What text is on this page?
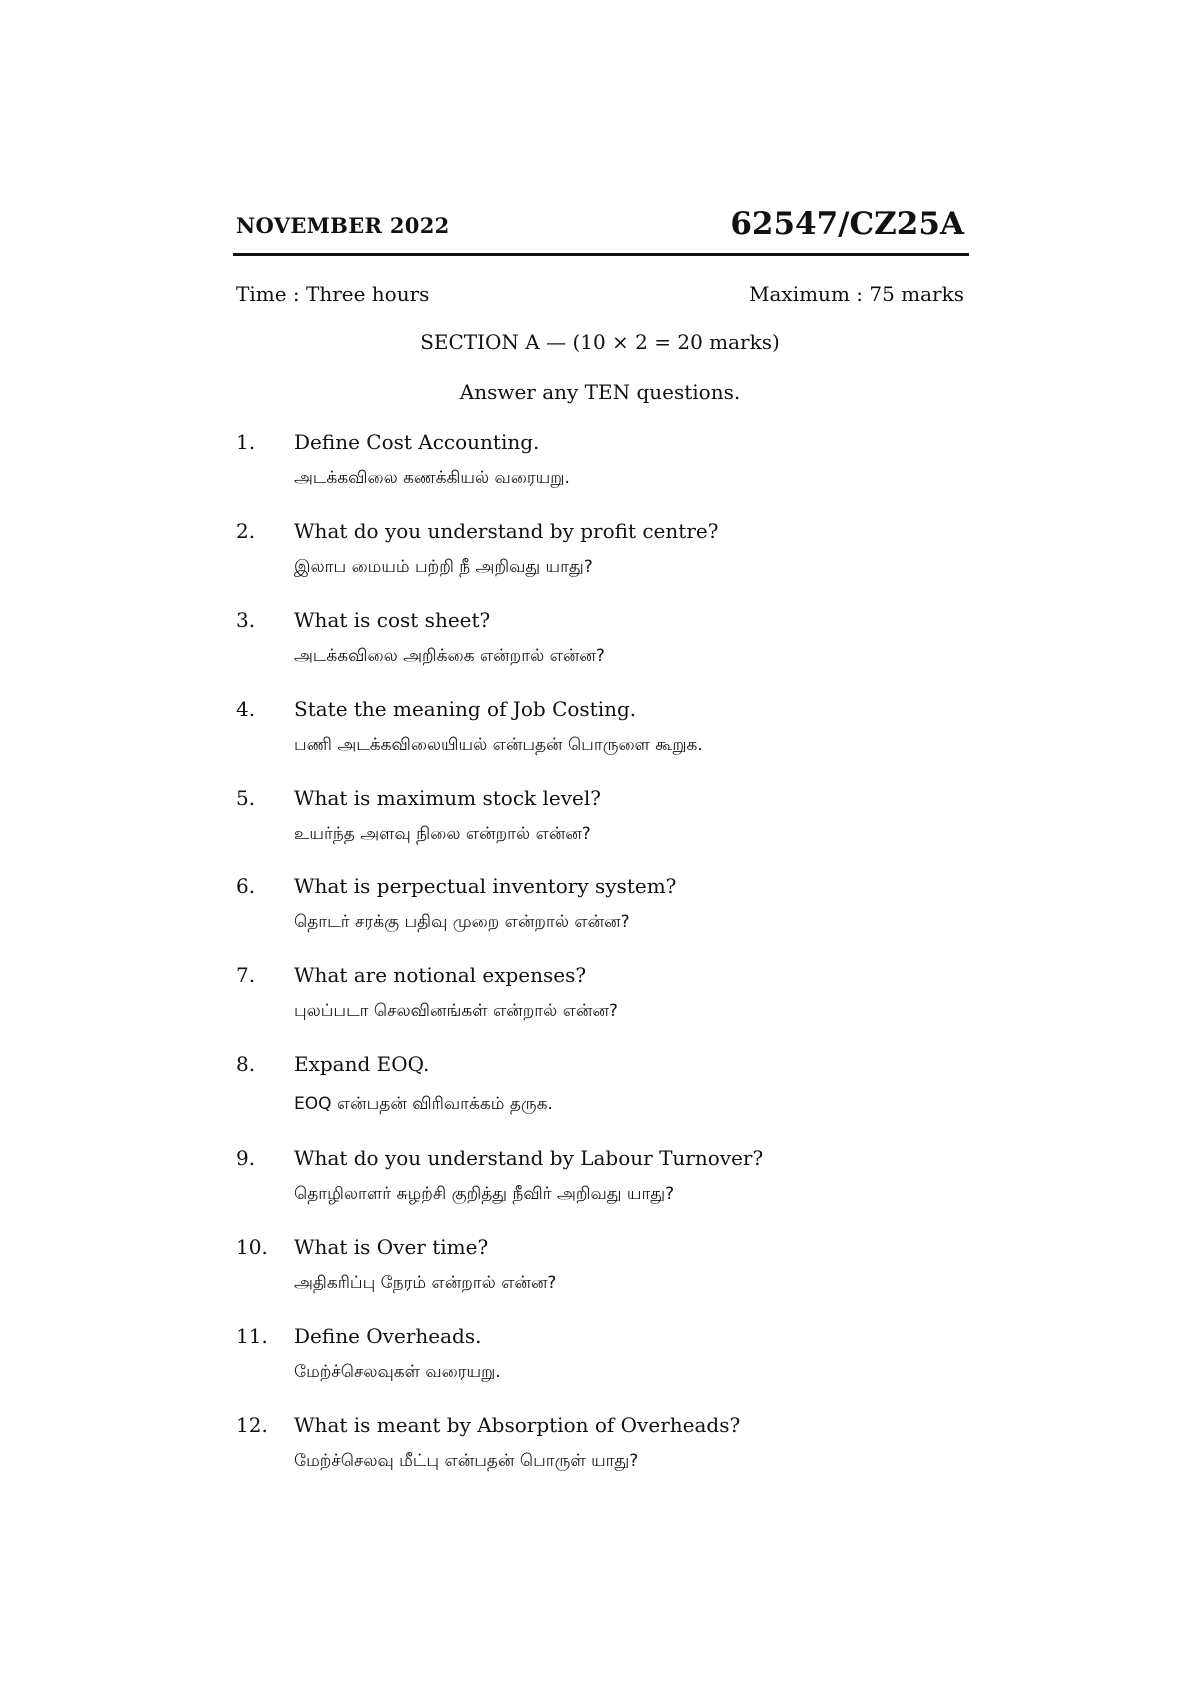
NOVEMBER 2022	62547/CZ25A
Time : Three hours	Maximum : 75 marks
SECTION A — (10 × 2 = 20 marks)
Answer any TEN questions.
1. Define Cost Accounting.
அடக்கவிலை கணக்கியல் வரையறு.
2. What do you understand by profit centre?
இலாப மையம் பற்றி நீ அறிவது யாது?
3. What is cost sheet?
அடக்கவிலை அறிக்கை என்றால் என்ன?
4. State the meaning of Job Costing.
பணி அடக்கவிலையியல் என்பதன் பொருளை கூறுக.
5. What is maximum stock level?
உயர்ந்த அளவு நிலை என்றால் என்ன?
6. What is perpectual inventory system?
தொடர் சரக்கு பதிவு முறை என்றால் என்ன?
7. What are notional expenses?
புலப்படா செலவினங்கள் என்றால் என்ன?
8. Expand EOQ.
EOQ என்பதன் விரிவாக்கம் தருக.
9. What do you understand by Labour Turnover?
தொழிலாளர் சுழற்சி குறித்து நீவிர் அறிவது யாது?
10. What is Over time?
அதிகரிப்பு நேரம் என்றால் என்ன?
11. Define Overheads.
மேற்ச்செலவுகள் வரையறு.
12. What is meant by Absorption of Overheads?
மேற்ச்செலவு மீட்பு என்பதன் பொருள் யாது?
